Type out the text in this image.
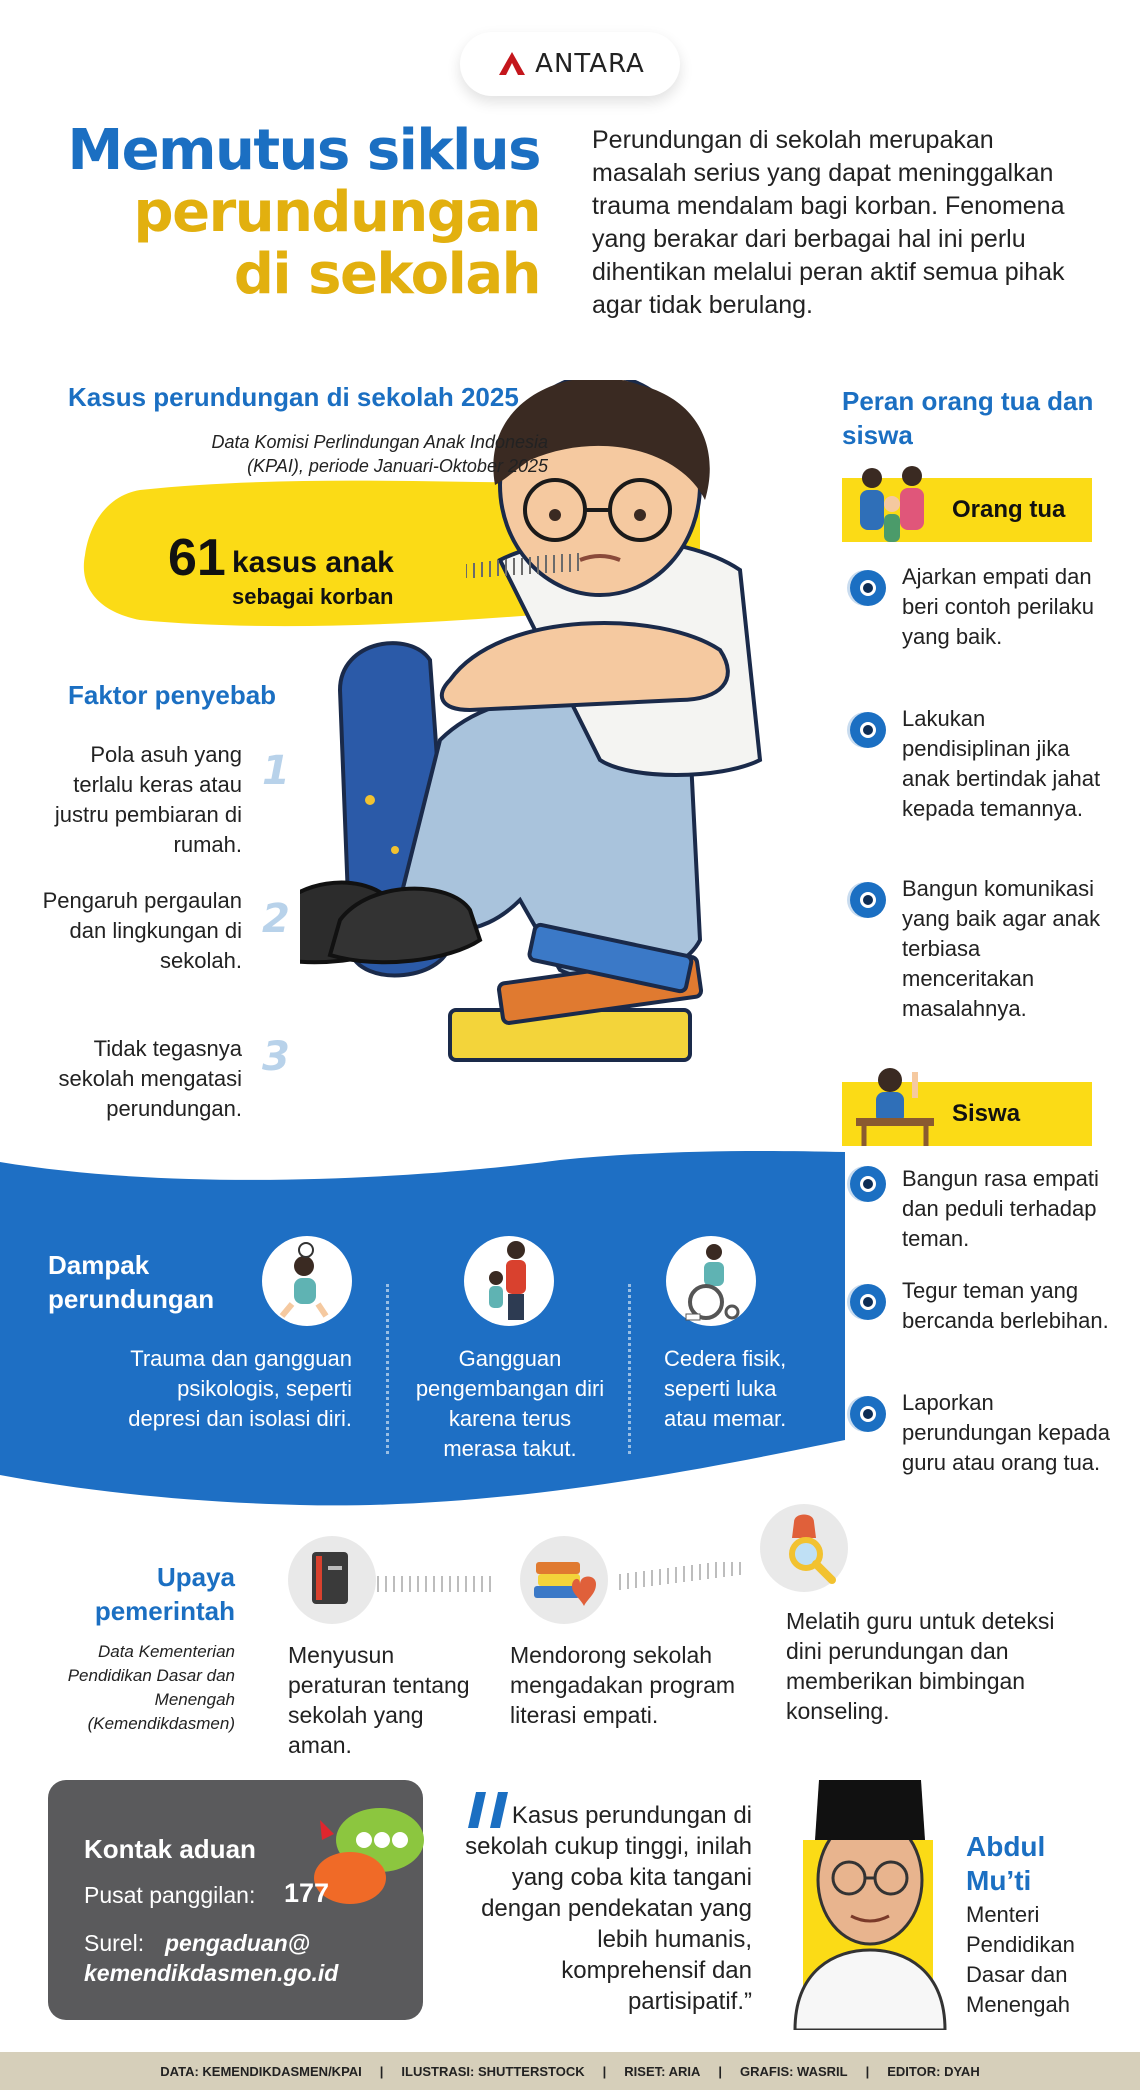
ANTARA
Memutus siklus
perundungan
di sekolah
Perundungan di sekolah merupakan masalah serius yang dapat meninggalkan trauma mendalam bagi korban. Fenomena yang berakar dari berbagai hal ini perlu dihentikan melalui peran aktif semua pihak agar tidak berulang.
Kasus perundungan di sekolah 2025
Data Komisi Perlindungan Anak Indonesia
(KPAI), periode Januari-Oktober 2025
61 kasus anak
sebagai korban
Faktor penyebab
Pola asuh yang terlalu keras atau justru pembiaran di rumah.
1
Pengaruh pergaulan dan lingkungan di sekolah.
2
Tidak tegasnya sekolah mengatasi perundungan.
3
Peran orang tua dan siswa
Orang tua
Ajarkan empati dan beri contoh perilaku yang baik.
Lakukan pendisiplinan jika anak bertindak jahat kepada temannya.
Bangun komunikasi yang baik agar anak terbiasa menceritakan masalahnya.
Siswa
Bangun rasa empati dan peduli terhadap teman.
Tegur teman yang bercanda berlebihan.
Laporkan perundungan kepada guru atau orang tua.
Dampak perundungan
Trauma dan gangguan psikologis, seperti depresi dan isolasi diri.
Gangguan pengembangan diri karena terus merasa takut.
Cedera fisik, seperti luka atau memar.
Upaya pemerintah
Data Kementerian Pendidikan Dasar dan Menengah (Kemendikdasmen)
Menyusun peraturan tentang sekolah yang aman.
Mendorong sekolah mengadakan program literasi empati.
Melatih guru untuk deteksi dini perundungan dan memberikan bimbingan konseling.
Kontak aduan
Pusat panggilan: 177
Surel: pengaduan@
kemendikdasmen.go.id
Kasus perundungan di sekolah cukup tinggi, inilah yang coba kita tangani dengan pendekatan yang lebih humanis, komprehensif dan partisipatif.”
Abdul Mu’ti
Menteri Pendidikan Dasar dan Menengah
DATA: KEMENDIKDASMEN/KPAI | ILUSTRASI: SHUTTERSTOCK | RISET: ARIA | GRAFIS: WASRIL | EDITOR: DYAH
